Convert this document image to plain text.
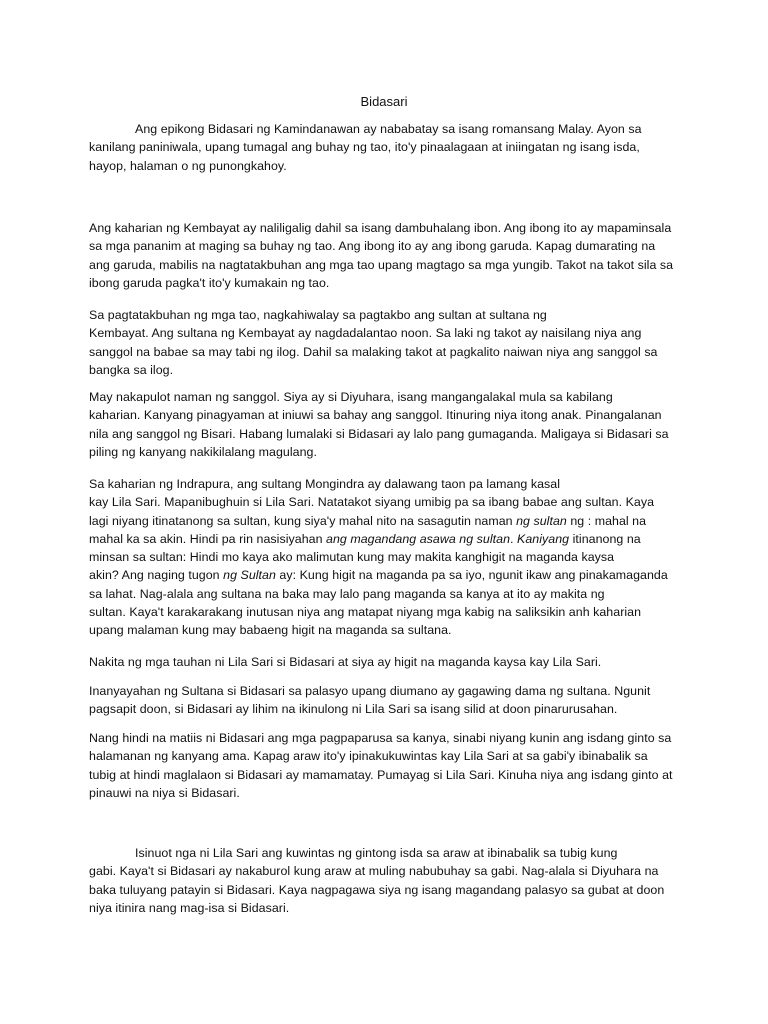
Bidasari

Ang epikong Bidasari ng Kamindanawan ay nababatay sa isang romansang Malay. Ayon sa
kanilang paniniwala, upang tumagal ang buhay ng tao, ito'y pinaalagaan at iniingatan ng isang isda,
hayop, halaman o ng punongkahoy.

Ang kaharian ng Kembayat ay naliligalig dahil sa isang dambuhalang ibon. Ang ibong ito ay mapaminsala
sa mga pananim at maging sa buhay ng tao. Ang ibong ito ay ang ibong garuda. Kapag dumarating na
ang garuda, mabilis na nagtatakbuhan ang mga tao upang magtago sa mga yungib. Takot na takot sila sa
ibong garuda pagka't ito'y kumakain ng tao.

Sa pagtatakbuhan ng mga tao, nagkahiwalay sa pagtakbo ang sultan at sultana ng
Kembayat. Ang sultana ng Kembayat ay nagdadalantao noon. Sa laki ng takot ay naisilang niya ang
sanggol na babae sa may tabi ng ilog. Dahil sa malaking takot at pagkalito naiwan niya ang sanggol sa
bangka sa ilog.

May nakapulot naman ng sanggol. Siya ay si Diyuhara, isang mangangalakal mula sa kabilang
kaharian. Kanyang pinagyaman at iniuwi sa bahay ang sanggol. Itinuring niya itong anak. Pinangalanan
nila ang sanggol ng Bisari. Habang lumalaki si Bidasari ay lalo pang gumaganda. Maligaya si Bidasari sa
piling ng kanyang nakikilalang magulang.

Sa kaharian ng Indrapura, ang sultang Mongindra ay dalawang taon pa lamang kasal
kay Lila Sari. Mapanibughuin si Lila Sari. Natatakot siyang umibig pa sa ibang babae ang sultan. Kaya
lagi niyang itinatanong sa sultan, kung siya'y mahal nito na sasagutin naman ng sultan ng : mahal na
mahal ka sa akin. Hindi pa rin nasisiyahan ang magandang asawa ng sultan. Kaniyang itinanong na
minsan sa sultan: Hindi mo kaya ako malimutan kung may makita kanghigit na maganda kaysa
akin? Ang naging tugon ng Sultan ay: Kung higit na maganda pa sa iyo, ngunit ikaw ang pinakamaganda
sa lahat. Nag-alala ang sultana na baka may lalo pang maganda sa kanya at ito ay makita ng
sultan. Kaya't karakarakang inutusan niya ang matapat niyang mga kabig na saliksikin anh kaharian
upang malaman kung may babaeng higit na maganda sa sultana.

Nakita ng mga tauhan ni Lila Sari si Bidasari at siya ay higit na maganda kaysa kay Lila Sari.

Inanyayahan ng Sultana si Bidasari sa palasyo upang diumano ay gagawing dama ng sultana. Ngunit
pagsapit doon, si Bidasari ay lihim na ikinulong ni Lila Sari sa isang silid at doon pinarurusahan.

Nang hindi na matiis ni Bidasari ang mga pagpaparusa sa kanya, sinabi niyang kunin ang isdang ginto sa
halamanan ng kanyang ama. Kapag araw ito'y ipinakukuwintas kay Lila Sari at sa gabi'y ibinabalik sa
tubig at hindi maglalaon si Bidasari ay mamamatay. Pumayag si Lila Sari. Kinuha niya ang isdang ginto at
pinauwi na niya si Bidasari.

Isinuot nga ni Lila Sari ang kuwintas ng gintong isda sa araw at ibinabalik sa tubig kung
gabi. Kaya't si Bidasari ay nakaburol kung araw at muling nabubuhay sa gabi. Nag-alala si Diyuhara na
baka tuluyang patayin si Bidasari. Kaya nagpagawa siya ng isang magandang palasyo sa gubat at doon
niya itinira nang mag-isa si Bidasari.
